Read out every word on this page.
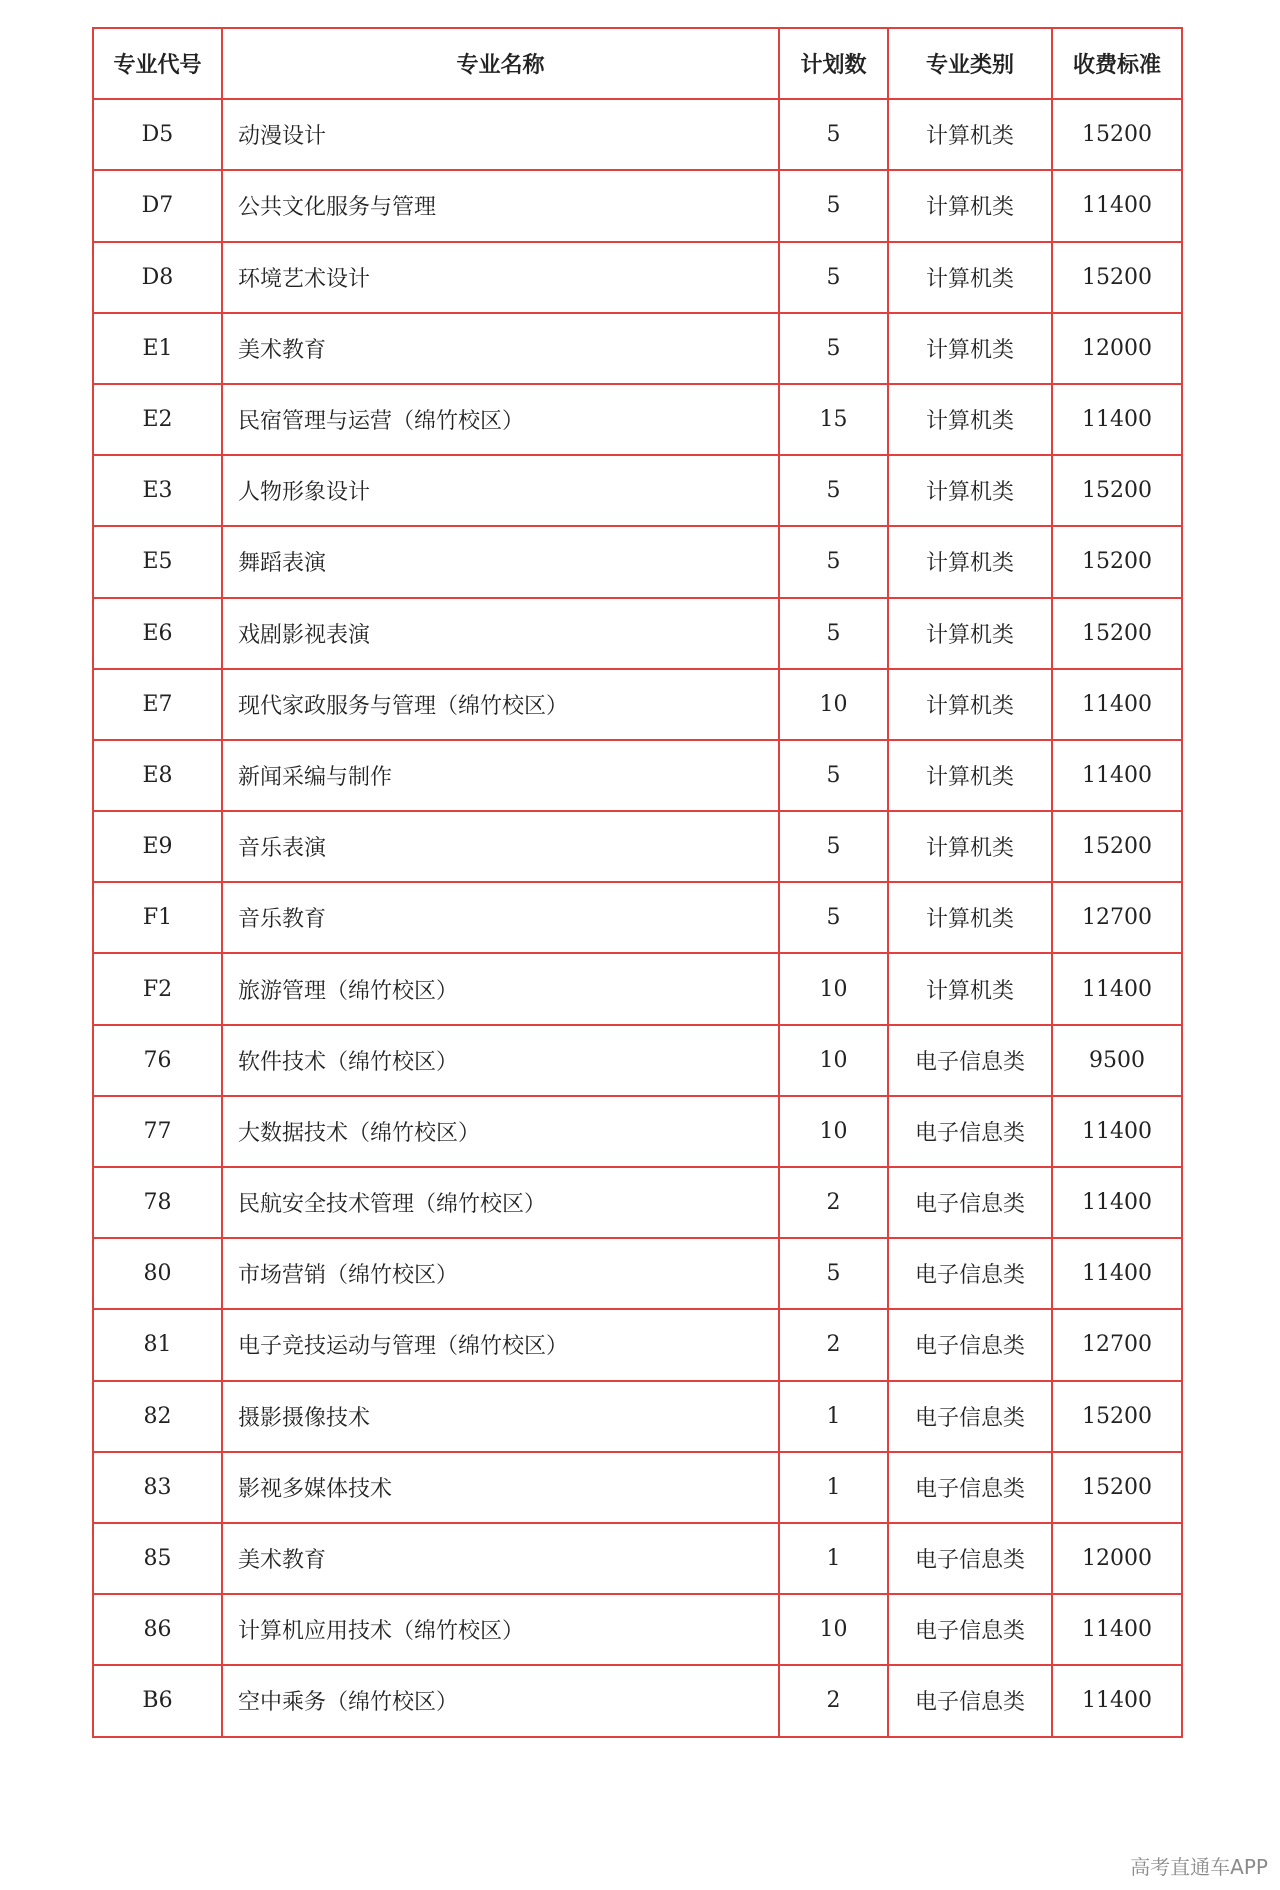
专业代号	专业名称	计划数	专业类别	收费标准
D5	动漫设计	5	计算机类	15200
D7	公共文化服务与管理	5	计算机类	11400
D8	环境艺术设计	5	计算机类	15200
E1	美术教育	5	计算机类	12000
E2	民宿管理与运营（绵竹校区）	15	计算机类	11400
E3	人物形象设计	5	计算机类	15200
E5	舞蹈表演	5	计算机类	15200
E6	戏剧影视表演	5	计算机类	15200
E7	现代家政服务与管理（绵竹校区）	10	计算机类	11400
E8	新闻采编与制作	5	计算机类	11400
E9	音乐表演	5	计算机类	15200
F1	音乐教育	5	计算机类	12700
F2	旅游管理（绵竹校区）	10	计算机类	11400
76	软件技术（绵竹校区）	10	电子信息类	9500
77	大数据技术（绵竹校区）	10	电子信息类	11400
78	民航安全技术管理（绵竹校区）	2	电子信息类	11400
80	市场营销（绵竹校区）	5	电子信息类	11400
81	电子竞技运动与管理（绵竹校区）	2	电子信息类	12700
82	摄影摄像技术	1	电子信息类	15200
83	影视多媒体技术	1	电子信息类	15200
85	美术教育	1	电子信息类	12000
86	计算机应用技术（绵竹校区）	10	电子信息类	11400
B6	空中乘务（绵竹校区）	2	电子信息类	11400
高考直通车APP
